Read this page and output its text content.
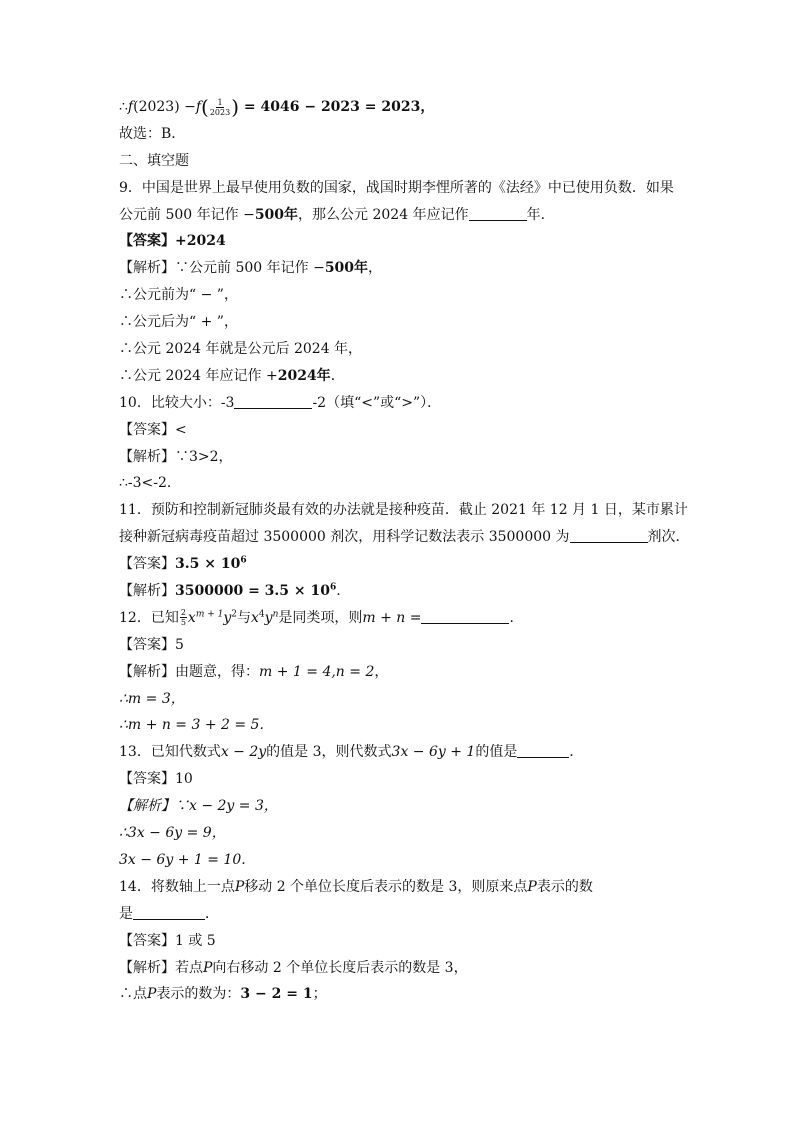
∴f(2023) $-f( \frac{1}{2023}$ ) = 4046 − 2023 = 2023，
故选：B．
二、填空题
9．中国是世界上最早使用负数的国家，战国时期李悝所著的《法经》中已使用负数．如果
公元前 500 年记作 −500年，那么公元 2024 年应记作	年．
【答案】+2024
【解析】∵公元前 500 年记作 −500年，
∴公元前为“ − ”，
∴公元后为“ + ”，
∴公元 2024 年就是公元后 2024 年，
∴公元 2024 年应记作 +2024年．
10．比较大小：-3	-2（填“<”或“>”）．
【答案】<
【解析】∵3>2，
∴-3<-2．
11．预防和控制新冠肺炎最有效的办法就是接种疫苗．截止 2021 年 12 月 1 日，某市累计
接种新冠病毒疫苗超过 3500000 剂次，用科学记数法表示 3500000 为	剂次．
【答案】$3.5 \times 10^6$
【解析】$3500000 = 3.5 \times 10^6$.
12．已知 $\frac{2}{5} x^{m + 1}y^2$与$x^4y^n$是同类项，则m + n =	．
【答案】5
【解析】由题意，得：m + 1 = 4,n = 2，
∴m = 3，
∴m + n = 3 + 2 = 5.
13．已知代数式x − 2y的值是 3，则代数式3x − 6y + 1的值是	．
【答案】10
【解析】∵x − 2y = 3，
∴3x − 6y = 9，
3x − 6y + 1 = 10.
14．将数轴上一点P移动 2 个单位长度后表示的数是 3，则原来点P表示的数
是	．
【答案】1 或 5
【解析】若点P向右移动 2 个单位长度后表示的数是 3，
∴点P表示的数为：3 − 2 = 1；
